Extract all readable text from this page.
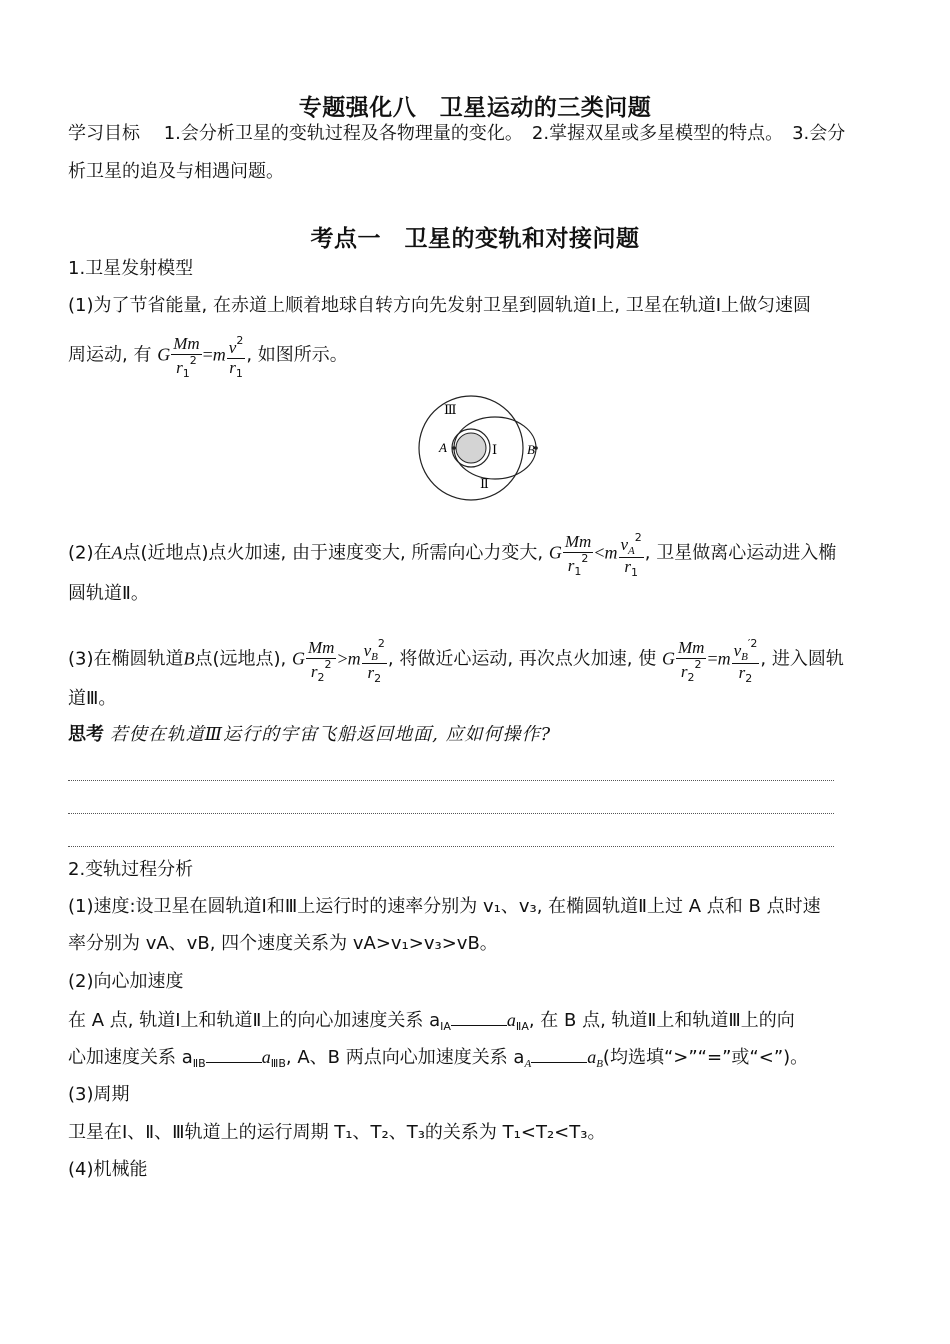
专题强化八　卫星运动的三类问题
学习目标　 1.会分析卫星的变轨过程及各物理量的变化。　2.掌握双星或多星模型的特点。　3.会分
析卫星的追及与相遇问题。
考点一　卫星的变轨和对接问题
1.卫星发射模型
(1)为了节省能量, 在赤道上顺着地球自转方向先发射卫星到圆轨道Ⅰ上, 卫星在轨道Ⅰ上做匀速圆
周运动, 有 G $\frac{Mm}{r_1^2} =m \frac{v^2}{r_1}$ , 如图所示。
Ⅲ
Ⅰ
Ⅱ
A	B
(2)在A点(近地点)点火加速, 由于速度变大, 所需向心力变大, G $\frac{Mm}{r_1^2} <m \frac{v_A^2}{r_1}$ , 卫星做离心运动进入椭
圆轨道Ⅱ。
(3)在椭圆轨道B点(远地点), G $\frac{Mm}{r_2^2} >m \frac{v_B^2}{r_2}$ , 将做近心运动, 再次点火加速, 使 G $\frac{Mm}{r_2^2} =m \frac{v_B^{'2}}{r_2}$ , 进入圆轨
道Ⅲ。
思考 若使在轨道Ⅲ运行的宇宙飞船返回地面, 应如何操作?
2.变轨过程分析
(1)速度:设卫星在圆轨道Ⅰ和Ⅲ上运行时的速率分别为 v₁、v₃, 在椭圆轨道Ⅱ上过 A 点和 B 点时速
率分别为 vA、vB, 四个速度关系为 vA>v₁>v₃>vB。
(2)向心加速度
在 A 点, 轨道Ⅰ上和轨道Ⅱ上的向心加速度关系 $a_{ⅠA}$	$a_{ⅡA}$, 在 B 点, 轨道Ⅱ上和轨道Ⅲ上的向
心加速度关系 $a_{ⅡB}$	$a_{ⅢB}$, A、B 两点向心加速度关系 $a_A$	$a_B$(均选填“>”“=”或“<”)。
(3)周期
卫星在Ⅰ、Ⅱ、Ⅲ轨道上的运行周期 T₁、T₂、T₃的关系为 T₁<T₂<T₃。
(4)机械能
